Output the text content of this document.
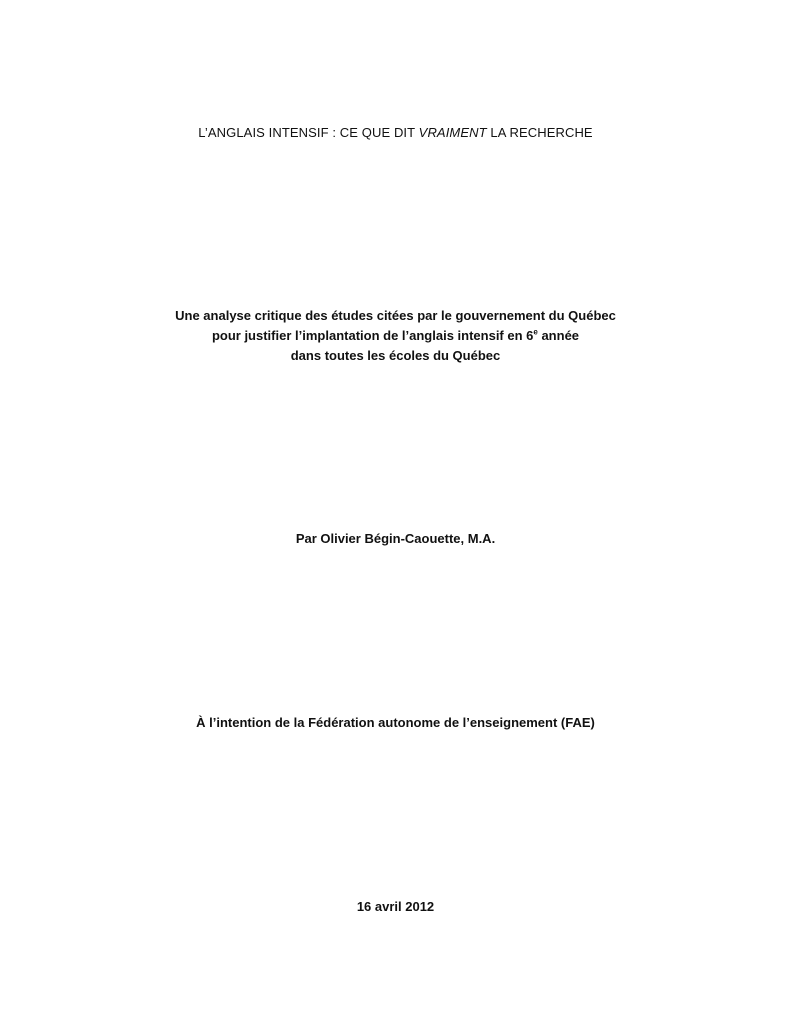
L’ANGLAIS INTENSIF : CE QUE DIT VRAIMENT LA RECHERCHE
Une analyse critique des études citées par le gouvernement du Québec
pour justifier l’implantation de l’anglais intensif en 6e année
dans toutes les écoles du Québec
Par Olivier Bégin-Caouette, M.A.
À l’intention de la Fédération autonome de l’enseignement (FAE)
16 avril 2012
